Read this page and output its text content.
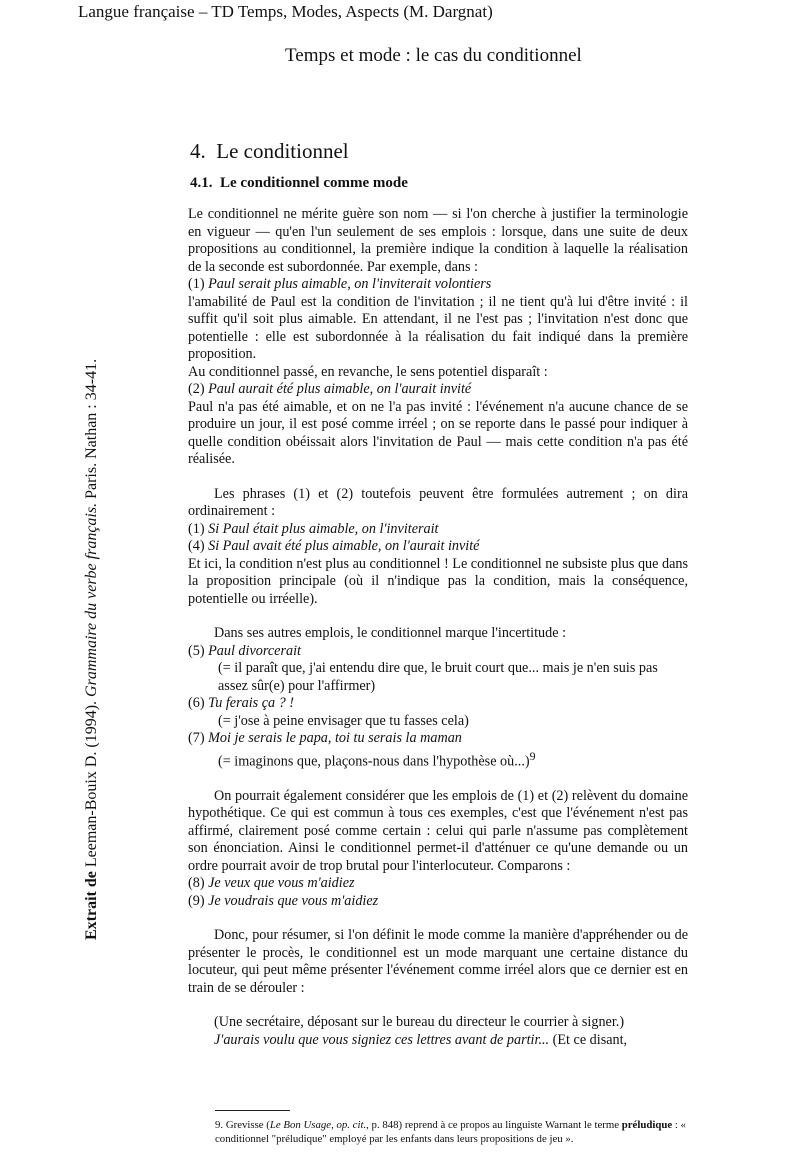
Langue française – TD Temps, Modes, Aspects (M. Dargnat)
Temps et mode : le cas du conditionnel
4. Le conditionnel
4.1. Le conditionnel comme mode
Extrait de Leeman-Bouix D. (1994). Grammaire du verbe français. Paris. Nathan : 34-41.

Le conditionnel ne mérite guère son nom — si l'on cherche à justifier la terminologie en vigueur — qu'en l'un seulement de ses emplois : lorsque, dans une suite de deux propositions au conditionnel, la première indique la condition à laquelle la réalisation de la seconde est subordonnée. Par exemple, dans :

(1) Paul serait plus aimable, on l'inviterait volontiers

l'amabilité de Paul est la condition de l'invitation ; il ne tient qu'à lui d'être invité : il suffit qu'il soit plus aimable. En attendant, il ne l'est pas ; l'invitation n'est donc que potentielle : elle est subordonnée à la réalisation du fait indiqué dans la première proposition.

Au conditionnel passé, en revanche, le sens potentiel disparaît :

(2) Paul aurait été plus aimable, on l'aurait invité

Paul n'a pas été aimable, et on ne l'a pas invité : l'événement n'a aucune chance de se produire un jour, il est posé comme irréel ; on se reporte dans le passé pour indiquer à quelle condition obéissait alors l'invitation de Paul — mais cette condition n'a pas été réalisée.

Les phrases (1) et (2) toutefois peuvent être formulées autrement ; on dira ordinairement :

(1) Si Paul était plus aimable, on l'inviterait

(4) Si Paul avait été plus aimable, on l'aurait invité

Et ici, la condition n'est plus au conditionnel ! Le conditionnel ne subsiste plus que dans la proposition principale (où il n'indique pas la condition, mais la conséquence, potentielle ou irréelle).

Dans ses autres emplois, le conditionnel marque l'incertitude :

(5) Paul divorcerait

(= il paraît que, j'ai entendu dire que, le bruit court que... mais je n'en suis pas assez sûr(e) pour l'affirmer)

(6) Tu ferais ça ? !

(= j'ose à peine envisager que tu fasses cela)

(7) Moi je serais le papa, toi tu serais la maman

(= imaginons que, plaçons-nous dans l'hypothèse où...)$^9$

On pourrait également considérer que les emplois de (1) et (2) relèvent du domaine hypothétique. Ce qui est commun à tous ces exemples, c'est que l'événement n'est pas affirmé, clairement posé comme certain : celui qui parle n'assume pas complètement son énonciation. Ainsi le conditionnel permet-il d'atténuer ce qu'une demande ou un ordre pourrait avoir de trop brutal pour l'interlocuteur. Comparons :

(8) Je veux que vous m'aidiez

(9) Je voudrais que vous m'aidiez

Donc, pour résumer, si l'on définit le mode comme la manière d'appréhender ou de présenter le procès, le conditionnel est un mode marquant une certaine distance du locuteur, qui peut même présenter l'événement comme irréel alors que ce dernier est en train de se dérouler :

(Une secrétaire, déposant sur le bureau du directeur le courrier à signer.)

J'aurais voulu que vous signiez ces lettres avant de partir... (Et ce disant,

9. Grevisse (Le Bon Usage, op. cit., p. 848) reprend à ce propos au linguiste Warnant le terme préludique : « conditionnel "préludique" employé par les enfants dans leurs propositions de jeu ».
